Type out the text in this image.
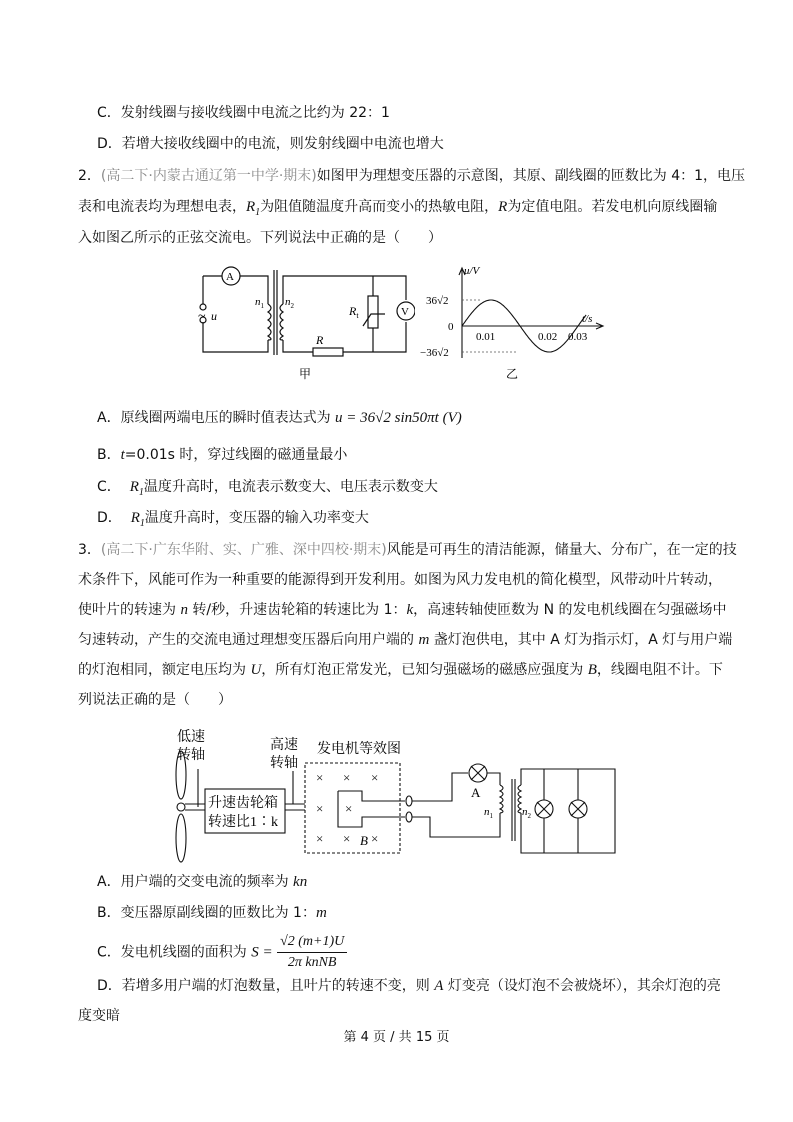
C．发射线圈与接收线圈中电流之比约为 22：1
D．若增大接收线圈中的电流，则发射线圈中电流也增大
2．(高二下·内蒙古通辽第一中学·期末)如图甲为理想变压器的示意图，其原、副线圈的匝数比为 4：1，电压
表和电流表均为理想电表，$R_1$为阻值随温度升高而变小的热敏电阻，R为定值电阻。若发电机向原线圈输
入如图乙所示的正弦交流电。下列说法中正确的是（　　）
A
V
~ u
$n_1$ $n_2$	$R_t$
R
甲
u/V
t/s
0
36√2
−36√2
0.01	0.02 0.03
乙
A．原线圈两端电压的瞬时值表达式为 u = 36√2 sin50πt (V)
B．t=0.01s 时，穿过线圈的磁通量最小
C． $R_1$温度升高时，电流表示数变大、电压表示数变大
D． $R_1$温度升高时，变压器的输入功率变大
3．(高二下·广东华附、实、广雅、深中四校·期末)风能是可再生的清洁能源，储量大、分布广，在一定的技
术条件下，风能可作为一种重要的能源得到开发利用。如图为风力发电机的简化模型，风带动叶片转动，
使叶片的转速为 n 转/秒，升速齿轮箱的转速比为 1：k，高速转轴使匝数为 N 的发电机线圈在匀强磁场中
匀速转动，产生的交流电通过理想变压器后向用户端的 m 盏灯泡供电，其中 A 灯为指示灯，A 灯与用户端
的灯泡相同，额定电压均为 U，所有灯泡正常发光，已知匀强磁场的磁感应强度为 B，线圈电阻不计。下
列说法正确的是（　　）
× × ×
× ×
× × ×
低速
转轴
高速
转轴
发电机等效图
升速齿轮箱
转速比1∶k
B
A
$n_1$	$n_2$
A．用户端的交变电流的频率为 kn
B．变压器原副线圈的匝数比为 1：m
C．发电机线圈的面积为 $S = \frac{√2 (m+1)U}{\text{2π knNB}}$
D．若增多用户端的灯泡数量，且叶片的转速不变，则 A 灯变亮（设灯泡不会被烧坏），其余灯泡的亮
度变暗
第 4 页 / 共 15 页
